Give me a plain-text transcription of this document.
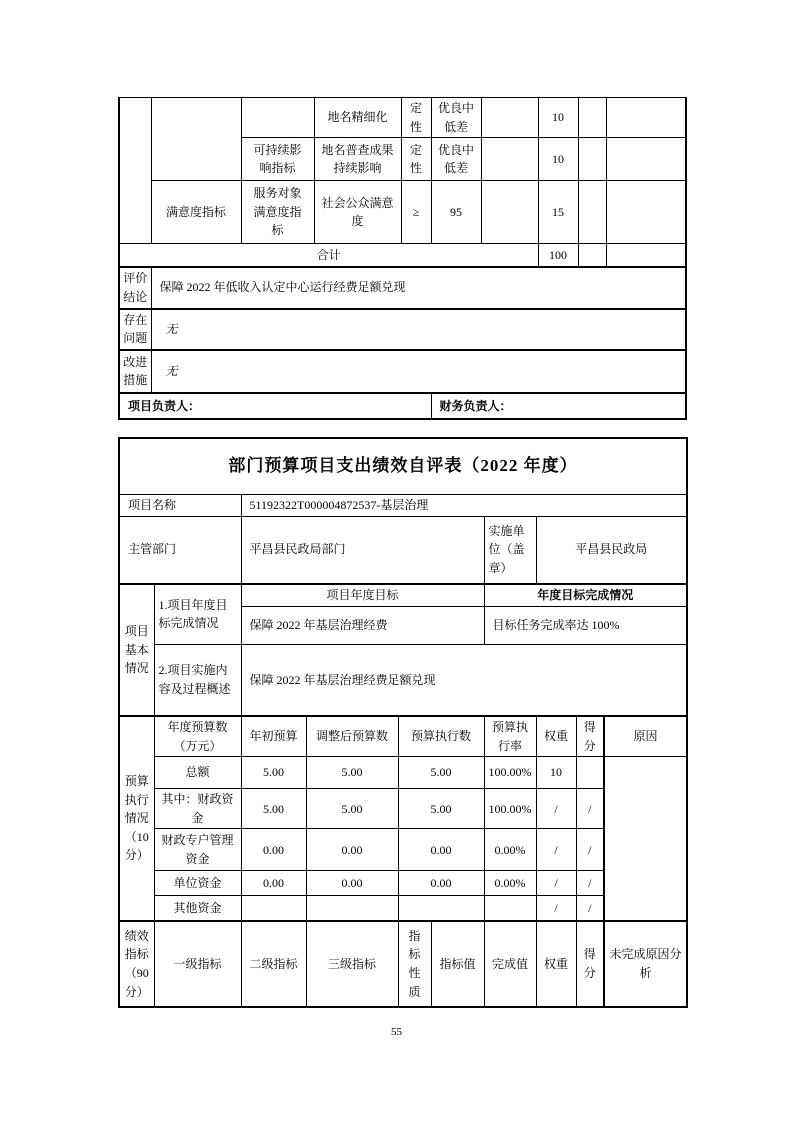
			地名精细化	定性	优良中低差		10		
		可持续影响指标	地名普查成果持续影响	定性	优良中低差		10		
	满意度指标	服务对象满意度指标	社会公众满意度	≥	95		15		
合计							100		
评价结论	保障 2022 年低收入认定中心运行经费足额兑现								
存在问题	无								
改进措施	无								
项目负责人：					财务负责人：				
部门预算项目支出绩效自评表（2022 年度）									
项目名称		51192322T000004872537-基层治理							
主管部门		平昌县民政局部门				实施单位（盖章）	平昌县民政局		
项目基本情况	1.项目年度目标完成情况	项目年度目标				年度目标完成情况			
		保障 2022 年基层治理经费				目标任务完成率达 100%			
	2.项目实施内容及过程概述	保障 2022 年基层治理经费足额兑现							
预算执行情况（10分）	年度预算数（万元）	年初预算	调整后预算数	预算执行数		预算执行率	权重	得分	原因
	总额	5.00	5.00	5.00		100.00%	10		
	其中：财政资金	5.00	5.00	5.00		100.00%	/	/	
	财政专户管理资金	0.00	0.00	0.00		0.00%	/	/	
	单位资金	0.00	0.00	0.00		0.00%	/	/	
	其他资金						/	/	
绩效指标（90分）	一级指标	二级指标	三级指标	指标性质	指标值	完成值	权重	得分	未完成原因分析
55
